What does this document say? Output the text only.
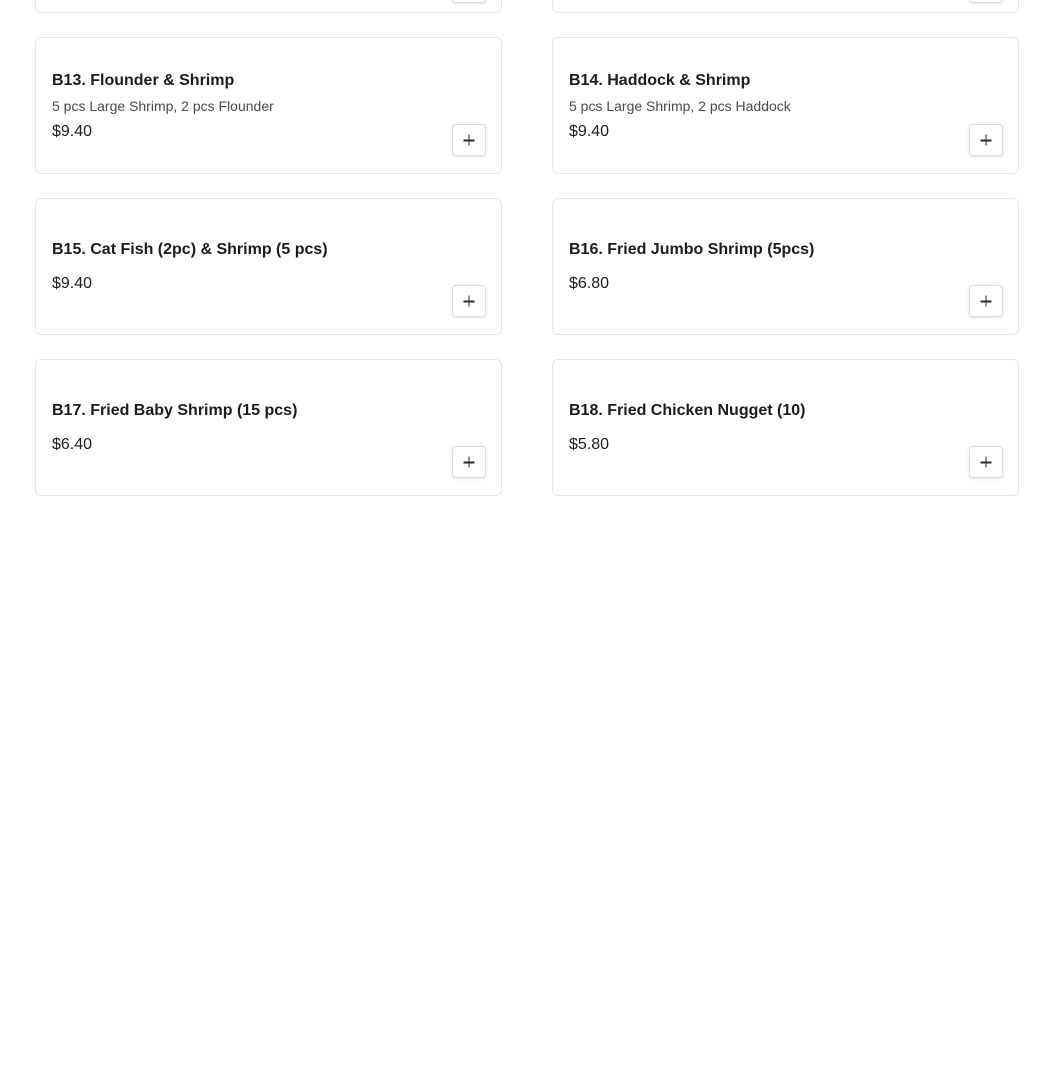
B13. Flounder & Shrimp
5 pcs Large Shrimp, 2 pcs Flounder
$9.40
B14. Haddock & Shrimp
5 pcs Large Shrimp, 2 pcs Haddock
$9.40
B15. Cat Fish (2pc) & Shrimp (5 pcs)
$9.40
B16. Fried Jumbo Shrimp (5pcs)
$6.80
B17. Fried Baby Shrimp (15 pcs)
$6.40
B18. Fried Chicken Nugget (10)
$5.80
